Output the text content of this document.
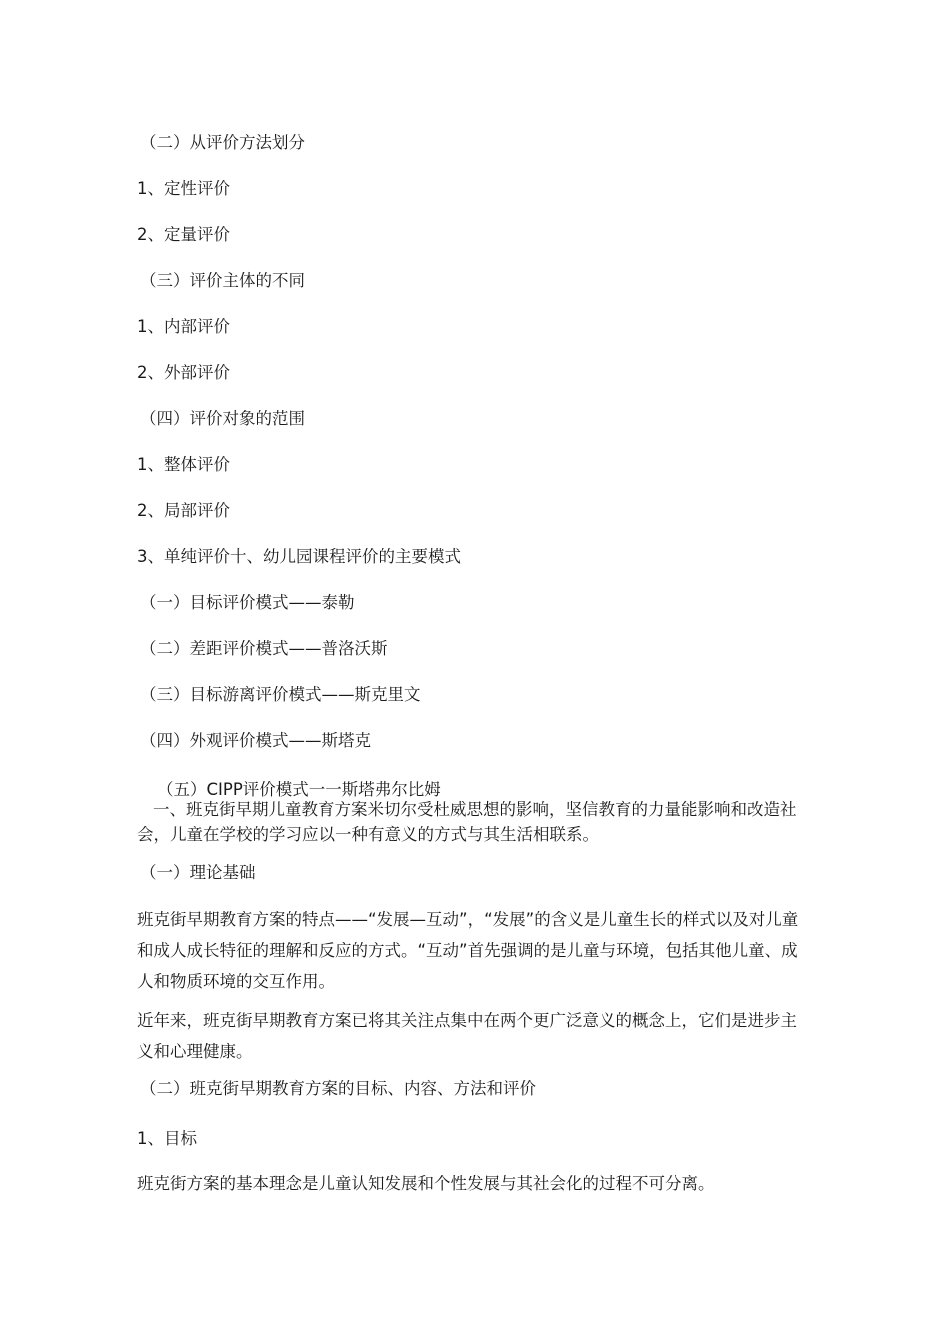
（二）从评价方法划分
1、定性评价
2、定量评价
（三）评价主体的不同
1、内部评价
2、外部评价
（四）评价对象的范围
1、整体评价
2、局部评价
3、单纯评价十、幼儿园课程评价的主要模式
（一）目标评价模式——泰勒
（二）差距评价模式——普洛沃斯
（三）目标游离评价模式——斯克里文
（四）外观评价模式——斯塔克
（五）CIPP评价模式一一斯塔弗尔比姆
一、班克街早期儿童教育方案米切尔受杜威思想的影响，坚信教育的力量能影响和改造社会，儿童在学校的学习应以一种有意义的方式与其生活相联系。
（一）理论基础
班克街早期教育方案的特点——“发展—互动”，“发展”的含义是儿童生长的样式以及对儿童和成人成长特征的理解和反应的方式。“互动”首先强调的是儿童与环境，包括其他儿童、成人和物质环境的交互作用。
近年来，班克街早期教育方案已将其关注点集中在两个更广泛意义的概念上，它们是进步主义和心理健康。
（二）班克街早期教育方案的目标、内容、方法和评价
1、目标
班克街方案的基本理念是儿童认知发展和个性发展与其社会化的过程不可分离。
